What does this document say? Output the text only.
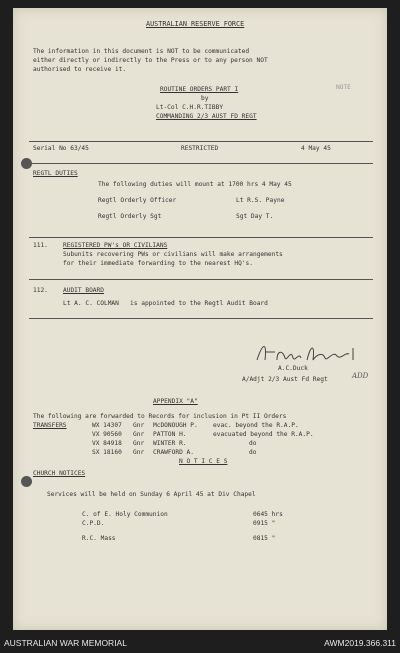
AUSTRALIAN RESERVE FORCE
The information in this document is NOT to be communicated
either directly or indirectly to the Press or to any person NOT
authorised to receive it.
NOTE
ROUTINE ORDERS PART I
by
Lt-Col C.H.R.TIBBY
COMMANDING 2/3 AUST FD REGT
Serial No 63/45	RESTRICTED	4 May 45
REGTL DUTIES
The following duties will mount at 1700 hrs 4 May 45
Regtl Orderly Officer	Lt R.S. Payne
Regtl Orderly Sgt	Sgt Day T.
111. REGISTERED PW's OR CIVILIANS
Subunits recovering PWs or civilians will make arrangements
for their immediate forwarding to the nearest HQ's.
112. AUDIT BOARD
Lt A. C. COLMAN   is appointed to the Regtl Audit Board
A.C.Duck
A/Adjt 2/3 Aust Fd Regt	ADD
APPENDIX "A"
The following are forwarded to Records for inclusion in Pt II Orders
TRANSFERS	WX 14307 Gnr McDONOUGH P. evac. beyond the R.A.P.
VX 90560 Gnr PATTON H.	evacuated beyond the R.A.P.
VX 84918 Gnr WINTER R.	do
SX 18160 Gnr CRAWFORD A.	do
N O T I C E S
CHURCH NOTICES
Services will be held on Sunday 6 April 45 at Div Chapel
C. of E. Holy Communion	0645 hrs
C.P.D.	0915 "
R.C. Mass	0815 "
AUSTRALIAN WAR MEMORIAL	AWM2019.366.311
